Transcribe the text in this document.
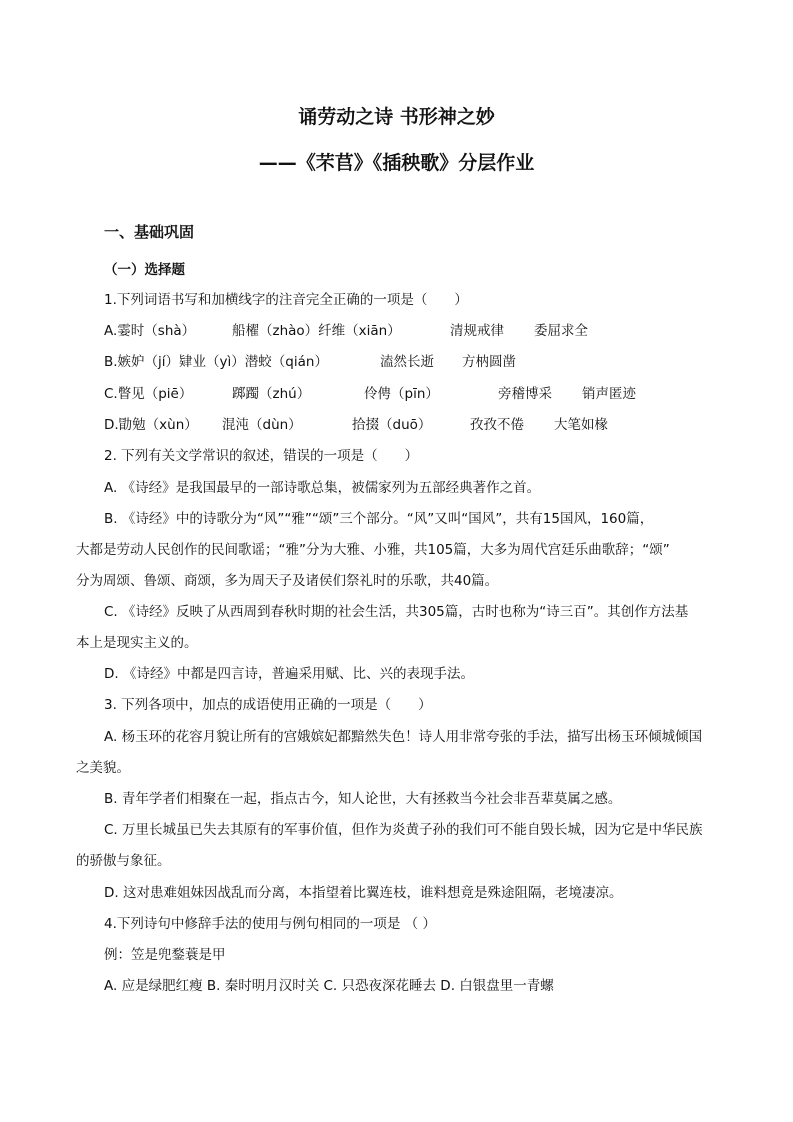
诵劳动之诗 书形神之妙
——《芣苢》《插秧歌》分层作业
一、基础巩固
（一）选择题
1.下列词语书写和加横线字的注音完全正确的一项是（　　）
A.霎时（shà）	船櫂（zhào）纤维（xiān）	清规戒律 委屈求全
B.嫉妒（jí）肄业（yì）潜蛟（qián）	溘然长逝 方枘圆凿
C.瞥见（piē）	踯躅（zhú）	伶俜（pīn）	旁稽博采 销声匿迹
D.勖勉（xùn） 混沌（dùn）	拾掇（duō）	孜孜不倦 大笔如椽
2. 下列有关文学常识的叙述，错误的一项是（　　）
A. 《诗经》是我国最早的一部诗歌总集，被儒家列为五部经典著作之首。
B. 《诗经》中的诗歌分为“风”“雅”“颂”三个部分。“风”又叫“国风”，共有15国风，160篇，
大都是劳动人民创作的民间歌谣；“雅”分为大雅、小雅，共105篇，大多为周代宫廷乐曲歌辞；“颂”
分为周颂、鲁颂、商颂，多为周天子及诸侯们祭礼时的乐歌，共40篇。
C. 《诗经》反映了从西周到春秋时期的社会生活，共305篇，古时也称为“诗三百”。其创作方法基
本上是现实主义的。
D. 《诗经》中都是四言诗，普遍采用赋、比、兴的表现手法。
3. 下列各项中，加点的成语使用正确的一项是（　　）
A. 杨玉环的花容月貌让所有的宫娥嫔妃都黯然失色！诗人用非常夸张的手法，描写出杨玉环倾城倾国
之美貌。
B. 青年学者们相聚在一起，指点古今，知人论世，大有拯救当今社会非吾辈莫属之感。
C. 万里长城虽已失去其原有的军事价值，但作为炎黄子孙的我们可不能自毁长城，因为它是中华民族
的骄傲与象征。
D. 这对患难姐妹因战乱而分离，本指望着比翼连枝，谁料想竟是殊途阻隔，老境凄凉。
4.下列诗句中修辞手法的使用与例句相同的一项是 （ ）
例：笠是兜鍪蓑是甲
A. 应是绿肥红瘦 B. 秦时明月汉时关 C. 只恐夜深花睡去 D. 白银盘里一青螺
